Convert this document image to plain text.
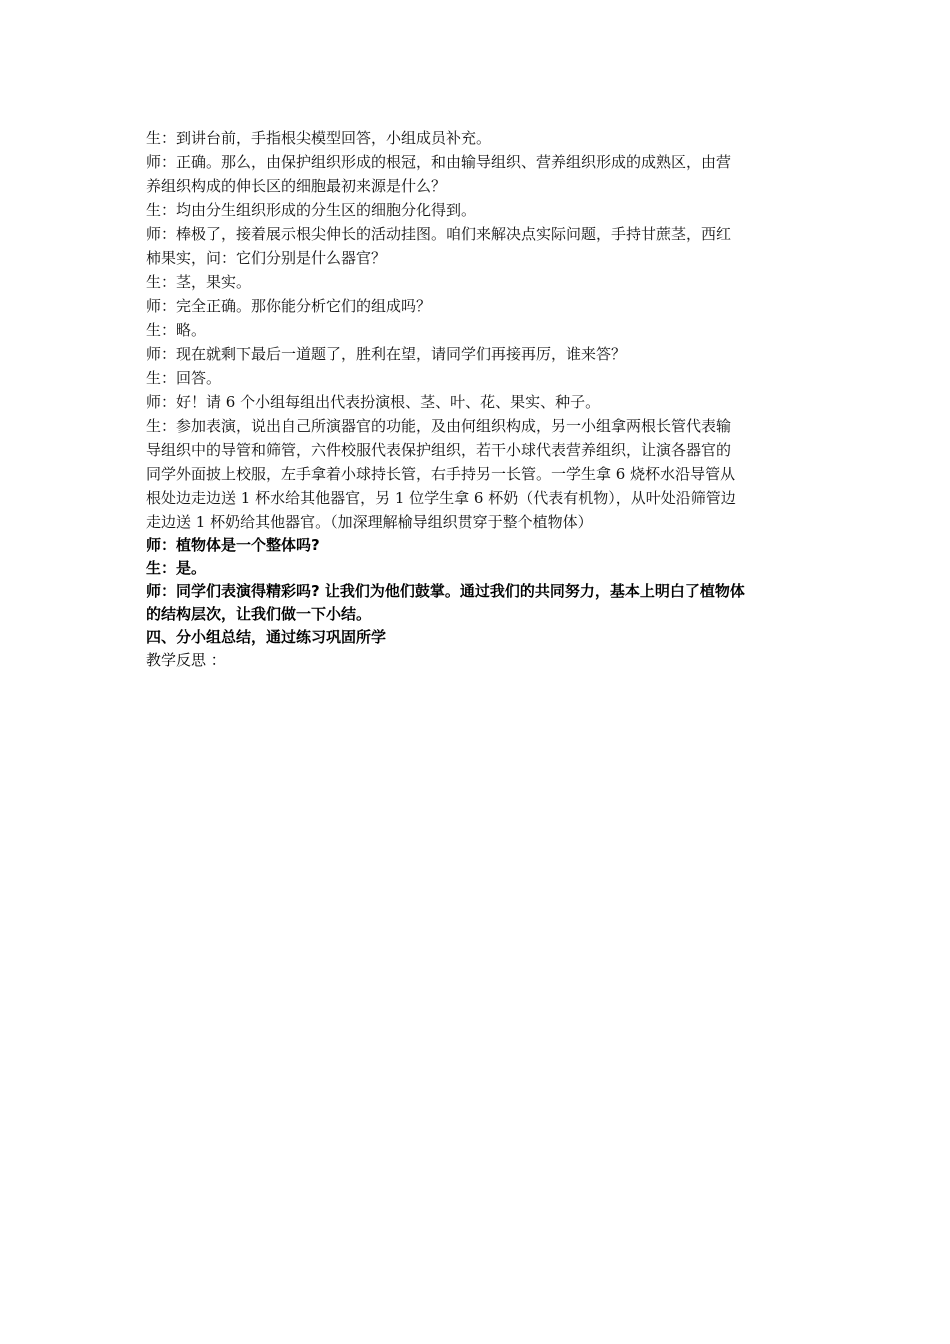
生：到讲台前，手指根尖模型回答，小组成员补充。

师：正确。那么，由保护组织形成的根冠，和由输导组织、营养组织形成的成熟区，由营
养组织构成的伸长区的细胞最初来源是什么？

生：均由分生组织形成的分生区的细胞分化得到。

师：棒极了，接着展示根尖伸长的活动挂图。咱们来解决点实际问题，手持甘蔗茎，西红
柿果实，问：它们分别是什么器官？

生：茎，果实。

师：完全正确。那你能分析它们的组成吗？

生：略。

师：现在就剩下最后一道题了，胜利在望，请同学们再接再厉，谁来答？

生：回答。

师：好！请 6 个小组每组出代表扮演根、茎、叶、花、果实、种子。

生：参加表演，说出自己所演器官的功能，及由何组织构成，另一小组拿两根长管代表输
导组织中的导管和筛管，六件校服代表保护组织，若干小球代表营养组织，让演各器官的
同学外面披上校服，左手拿着小球持长管，右手持另一长管。一学生拿 6 烧杯水沿导管从
根处边走边送 1 杯水给其他器官，另 1 位学生拿 6 杯奶（代表有机物），从叶处沿筛管边
走边送 1 杯奶给其他器官。（加深理解榆导组织贯穿于整个植物体）

师：植物体是一个整体吗?

生：是。

师：同学们表演得精彩吗? 让我们为他们鼓掌。通过我们的共同努力，基本上明白了植物体
的结构层次，让我们做一下小结。

四、分小组总结，通过练习巩固所学

教学反思 ：
